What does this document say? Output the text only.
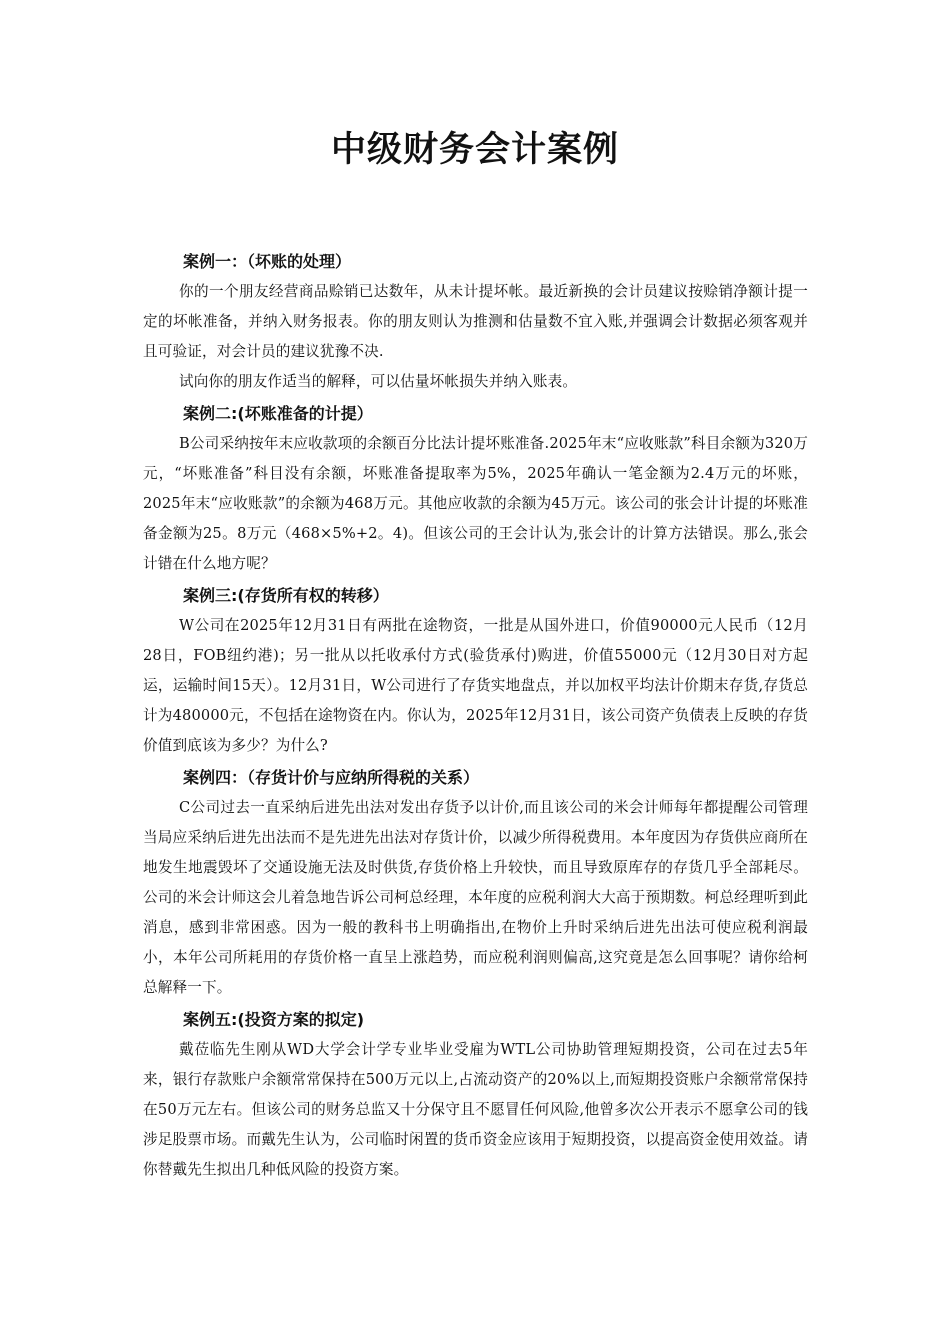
中级财务会计案例

案例一：（坏账的处理）

你的一个朋友经营商品赊销已达数年，从未计提坏帐。最近新换的会计员建议按赊销净额计提一定的坏帐准备，并纳入财务报表。你的朋友则认为推测和估量数不宜入账,并强调会计数据必须客观并且可验证，对会计员的建议犹豫不决.

试向你的朋友作适当的解释，可以估量坏帐损失并纳入账表。

案例二:(坏账准备的计提）

B公司采纳按年末应收款项的余额百分比法计提坏账准备.2025年末“应收账款”科目余额为320万元，“坏账准备”科目没有余额，坏账准备提取率为5%，2025年确认一笔金额为2.4万元的坏账，2025年末“应收账款”的余额为468万元。其他应收款的余额为45万元。该公司的张会计计提的坏账准备金额为25。8万元（468×5%+2。4)。但该公司的王会计认为,张会计的计算方法错误。那么,张会计错在什么地方呢？

案例三:(存货所有权的转移）

W公司在2025年12月31日有两批在途物资，一批是从国外进口，价值90000元人民币（12月28日，FOB纽约港)；另一批从以托收承付方式(验货承付)购进，价值55000元（12月30日对方起运，运输时间15天）。12月31日，W公司进行了存货实地盘点，并以加权平均法计价期末存货,存货总计为480000元，不包括在途物资在内。你认为，2025年12月31日，该公司资产负债表上反映的存货价值到底该为多少？为什么?

案例四：（存货计价与应纳所得税的关系）

C公司过去一直采纳后进先出法对发出存货予以计价,而且该公司的米会计师每年都提醒公司管理当局应采纳后进先出法而不是先进先出法对存货计价，以减少所得税费用。本年度因为存货供应商所在地发生地震毁坏了交通设施无法及时供货,存货价格上升较快，而且导致原库存的存货几乎全部耗尽。公司的米会计师这会儿着急地告诉公司柯总经理，本年度的应税利润大大高于预期数。柯总经理听到此消息，感到非常困惑。因为一般的教科书上明确指出,在物价上升时采纳后进先出法可使应税利润最小，本年公司所耗用的存货价格一直呈上涨趋势，而应税利润则偏高,这究竟是怎么回事呢？请你给柯总解释一下。

案例五:(投资方案的拟定)

戴莅临先生刚从WD大学会计学专业毕业受雇为WTL公司协助管理短期投资，公司在过去5年来，银行存款账户余额常常保持在500万元以上,占流动资产的20%以上,而短期投资账户余额常常保持在50万元左右。但该公司的财务总监又十分保守且不愿冒任何风险,他曾多次公开表示不愿拿公司的钱涉足股票市场。而戴先生认为，公司临时闲置的货币资金应该用于短期投资，以提高资金使用效益。请你替戴先生拟出几种低风险的投资方案。
